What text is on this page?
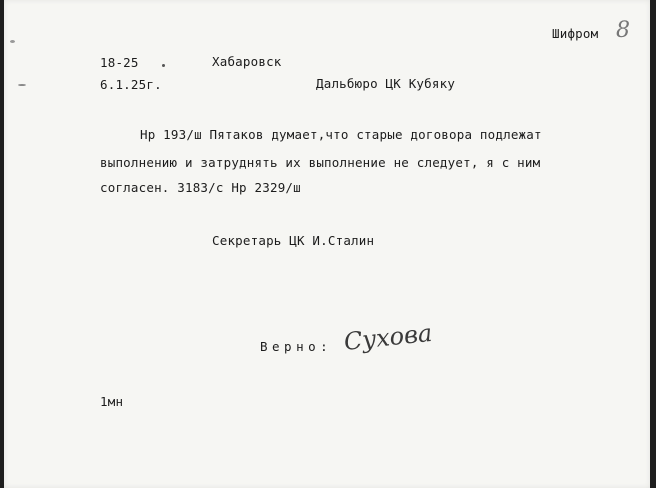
Шифром 8
18-25	Хабаровск
6.1.25г.	Дальбюро ЦК Кубяку
Нр 193/ш Пятаков думает,что старые договора подлежат
выполнению и затруднять их выполнение не следует, я с ним
согласен. 3183/с Нр 2329/ш
Секретарь ЦК И.Сталин
Верно: Сухова
1мн
